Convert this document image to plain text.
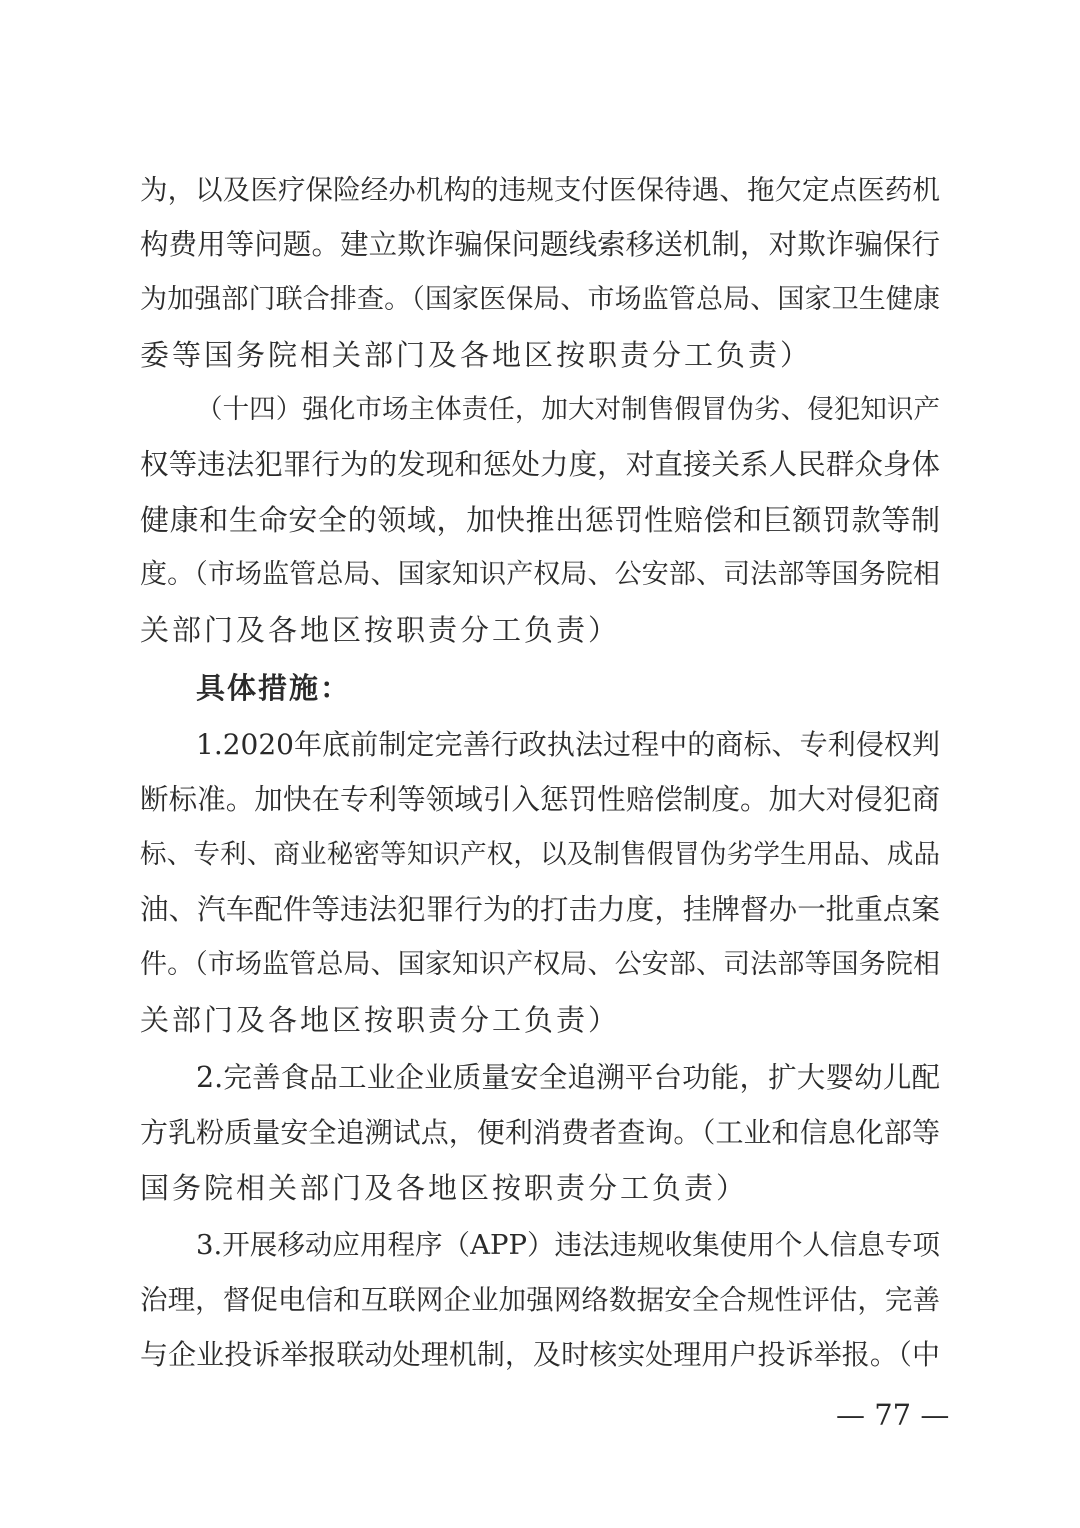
为，以及医疗保险经办机构的违规支付医保待遇、拖欠定点医药机
构费用等问题。建立欺诈骗保问题线索移送机制，对欺诈骗保行
为加强部门联合排查。（国家医保局、市场监管总局、国家卫生健康
委等国务院相关部门及各地区按职责分工负责）
（十四）强化市场主体责任，加大对制售假冒伪劣、侵犯知识产
权等违法犯罪行为的发现和惩处力度，对直接关系人民群众身体
健康和生命安全的领域，加快推出惩罚性赔偿和巨额罚款等制
度。（市场监管总局、国家知识产权局、公安部、司法部等国务院相
关部门及各地区按职责分工负责）
具体措施：
1.2020年底前制定完善行政执法过程中的商标、专利侵权判
断标准。加快在专利等领域引入惩罚性赔偿制度。加大对侵犯商
标、专利、商业秘密等知识产权，以及制售假冒伪劣学生用品、成品
油、汽车配件等违法犯罪行为的打击力度，挂牌督办一批重点案
件。（市场监管总局、国家知识产权局、公安部、司法部等国务院相
关部门及各地区按职责分工负责）
2.完善食品工业企业质量安全追溯平台功能，扩大婴幼儿配
方乳粉质量安全追溯试点，便利消费者查询。（工业和信息化部等
国务院相关部门及各地区按职责分工负责）
3.开展移动应用程序（APP）违法违规收集使用个人信息专项
治理，督促电信和互联网企业加强网络数据安全合规性评估，完善
与企业投诉举报联动处理机制，及时核实处理用户投诉举报。（中
— 77 —
